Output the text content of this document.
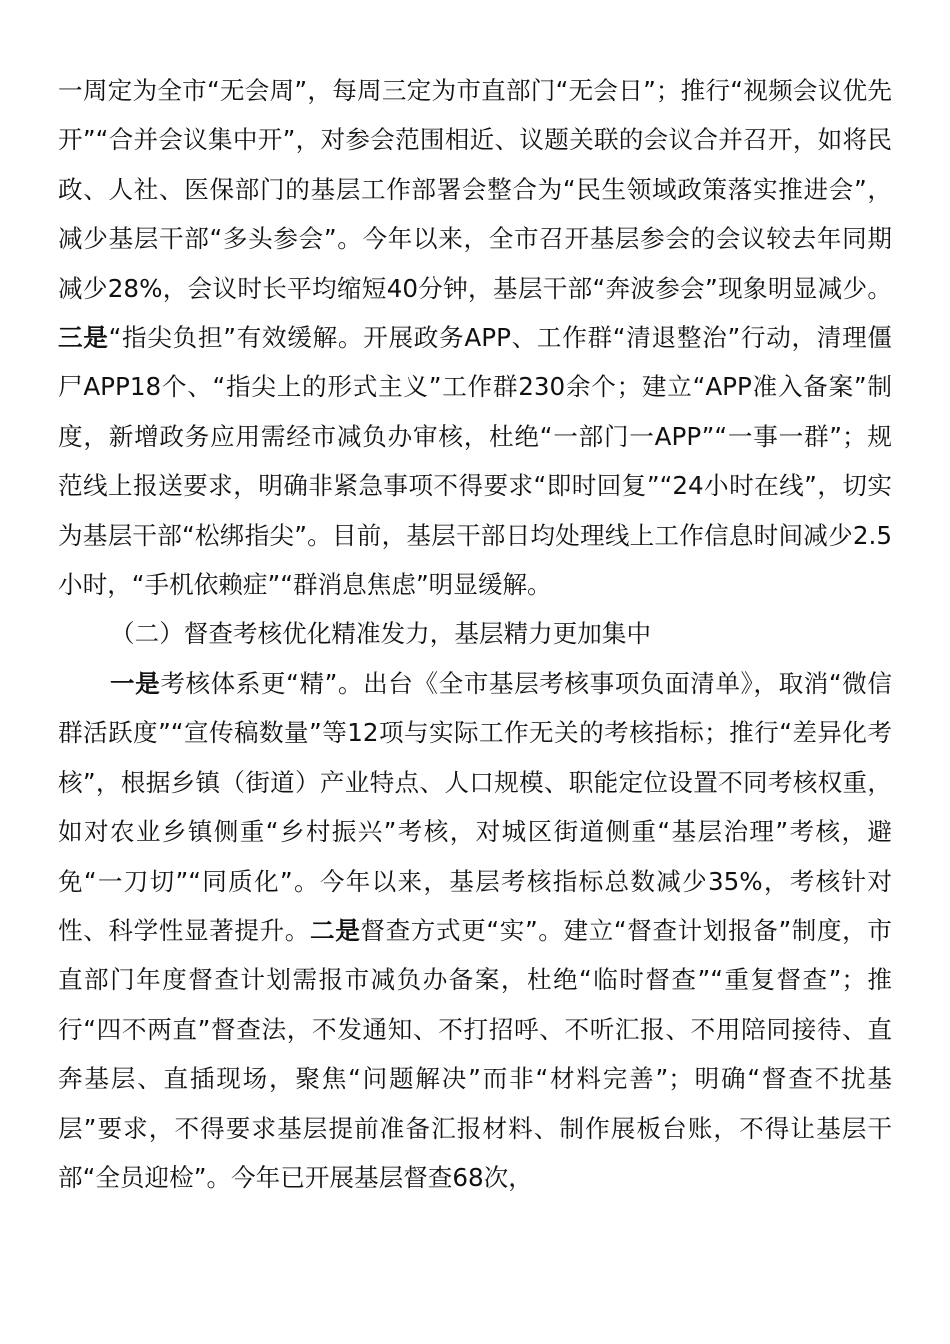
一周定为全市“无会周”，每周三定为市直部门“无会日”；推行“视频会议优先开”“合并会议集中开”，对参会范围相近、议题关联的会议合并召开，如将民政、人社、医保部门的基层工作部署会整合为“民生领域政策落实推进会”，减少基层干部“多头参会”。今年以来，全市召开基层参会的会议较去年同期减少28%，会议时长平均缩短40分钟，基层干部“奔波参会”现象明显减少。三是“指尖负担”有效缓解。开展政务APP、工作群“清退整治”行动，清理僵尸APP18个、“指尖上的形式主义”工作群230余个；建立“APP准入备案”制度，新增政务应用需经市减负办审核，杜绝“一部门一APP”“一事一群”；规范线上报送要求，明确非紧急事项不得要求“即时回复”“24小时在线”，切实为基层干部“松绑指尖”。目前，基层干部日均处理线上工作信息时间减少2.5小时，“手机依赖症”“群消息焦虑”明显缓解。

（二）督查考核优化精准发力，基层精力更加集中

一是考核体系更“精”。出台《全市基层考核事项负面清单》，取消“微信群活跃度”“宣传稿数量”等12项与实际工作无关的考核指标；推行“差异化考核”，根据乡镇（街道）产业特点、人口规模、职能定位设置不同考核权重，如对农业乡镇侧重“乡村振兴”考核，对城区街道侧重“基层治理”考核，避免“一刀切”“同质化”。今年以来，基层考核指标总数减少35%，考核针对性、科学性显著提升。二是督查方式更“实”。建立“督查计划报备”制度，市直部门年度督查计划需报市减负办备案，杜绝“临时督查”“重复督查”；推行“四不两直”督查法，不发通知、不打招呼、不听汇报、不用陪同接待、直奔基层、直插现场，聚焦“问题解决”而非“材料完善”；明确“督查不扰基层”要求，不得要求基层提前准备汇报材料、制作展板台账，不得让基层干部“全员迎检”。今年已开展基层督查68次，
